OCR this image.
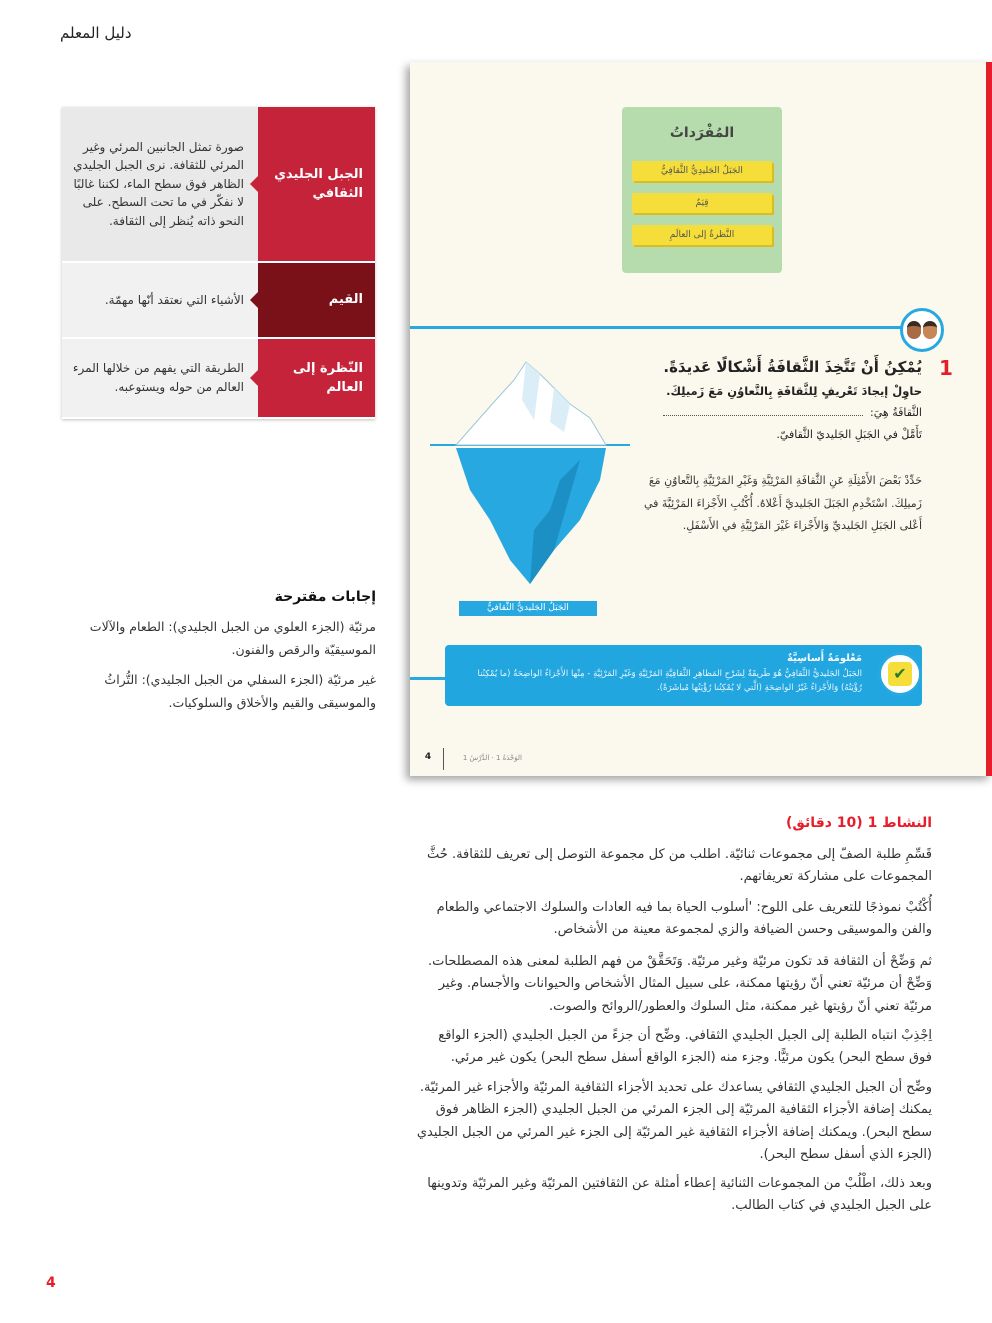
دليل المعلم
الجبل الجليدي الثقافي
صورة تمثل الجانبين المرئي وغير المرئي للثقافة. نرى الجبل الجليدي الظاهر فوق سطح الماء، لكننا غالبًا لا نفكّر في ما تحت السطح. على النحو ذاته يُنظر إلى الثقافة.
القيم
الأشياء التي نعتقد أنّها مهمّة.
النّظرة إلى العالم
الطريقة التي يفهم من خلالها المرء العالم من حوله ويستوعبه.
إجابات مقترحة

مرئيّة (الجزء العلوي من الجبل الجليدي): الطعام والآلات الموسيقيّة والرقص والفنون.

غير مرئيّة (الجزء السفلي من الجبل الجليدي): التُّراثُ والموسيقى والقيم والأخلاق والسلوكيات.

المُفْرَداتُ
الجَبَلُ الجَليدِيُّ الثَّقافِيُّ
قِيَمٌ
النَّظرةُ إلى العالَمِ
1
يُمْكِنُ أَنْ تَتَّخِذَ الثَّقافَةُ أَشْكالًا عَديدَةً.
حاوِلْ إيجادَ تَعْريفٍ لِلثَّقافَةِ بِالتَّعاوُنِ مَعَ زَميلِكَ.
الثَّقافَةُ هِيَ:
تَأَمَّلْ في الجَبَلِ الجَليديّ الثَّقافيّ.
حَدِّدْ بَعْضَ الأَمْثِلَةِ عَنِ الثَّقافَةِ المَرْئِيَّةِ وَغَيْرِ المَرْئِيَّةِ بِالتَّعاوُنِ مَعَ زَميلِكَ. اسْتَخْدِمِ الجَبَلَ الجَليديَّ أَعْلاهُ. أُكْتُبِ الأَجْزاءَ المَرْئِيَّةَ في أَعْلى الجَبَلِ الجَليديِّ وَالأَجْزاءَ غَيْرَ المَرْئِيَّةِ في الأَسْفَلِ.
الجَبَلُ الجَليديُّ الثَّقافيُّ
مَعْلومَةٌ أَساسِيَّةٌ
الجَبَلُ الجَليديُّ الثَّقافِيُّ هُوَ طَريقَةٌ لِشَرْحِ المَظاهِرِ الثَّقافِيَّةِ المَرْئِيَّةِ وَغَيْرِ المَرْئِيَّةِ - مِنْها الأَجْزاءُ الواضِحَةُ (ما يُمْكِنُنا رُؤْيَتُهُ) وَالأَجْزاءُ غَيْرُ الواضِحَةِ (الَّتي لا يُمْكِنُنا رُؤْيَتُها مُباشَرَةً).
✔
4	الوَحْدَةُ 1 · الدَّرْسُ 1
النشاط 1 (10 دقائق)
قَسِّمِ طلبة الصفّ إلى مجموعات ثنائيّة. اطلب من كل مجموعة التوصل إلى تعريف للثقافة. حُثَّ المجموعات على مشاركة تعريفاتهم.
أُكْتُبْ نموذجًا للتعريف على اللوح: 'أسلوب الحياة بما فيه العادات والسلوك الاجتماعي والطعام والفن والموسيقى وحسن الضيافة والزي لمجموعة معينة من الأشخاص.
ثم وَضِّحْ أن الثقافة قد تكون مرئيّة وغير مرئيّة. وَتَحَقَّقْ من فهم الطلبة لمعنى هذه المصطلحات. وَضِّحْ أن مرئيّة تعني أنّ رؤيتها ممكنة، على سبيل المثال الأشخاص والحيوانات والأجسام. وغير مرئيّة تعني أنّ رؤيتها غير ممكنة، مثل السلوك والعطور/الروائح والصوت.
اِجْذِبْ انتباه الطلبة إلى الجبل الجليدي الثقافي. وضِّح أن جزءً من الجبل الجليدي (الجزء الواقع فوق سطح البحر) يكون مرئيًّا. وجزء منه (الجزء الواقع أسفل سطح البحر) يكون غير مرئي.
وضِّح أن الجبل الجليدي الثقافي يساعدك على تحديد الأجزاء الثقافية المرئيّة والأجزاء غير المرئيّة. يمكنك إضافة الأجزاء الثقافية المرئيّة إلى الجزء المرئي من الجبل الجليدي (الجزء الظاهر فوق سطح البحر). ويمكنك إضافة الأجزاء الثقافية غير المرئيّة إلى الجزء غير المرئي من الجبل الجليدي (الجزء الذي أسفل سطح البحر).
وبعد ذلك، اطْلُبْ من المجموعات الثنائية إعطاء أمثلة عن الثقافتين المرئيّة وغير المرئيّة وتدوينها على الجبل الجليدي في كتاب الطالب.
4
